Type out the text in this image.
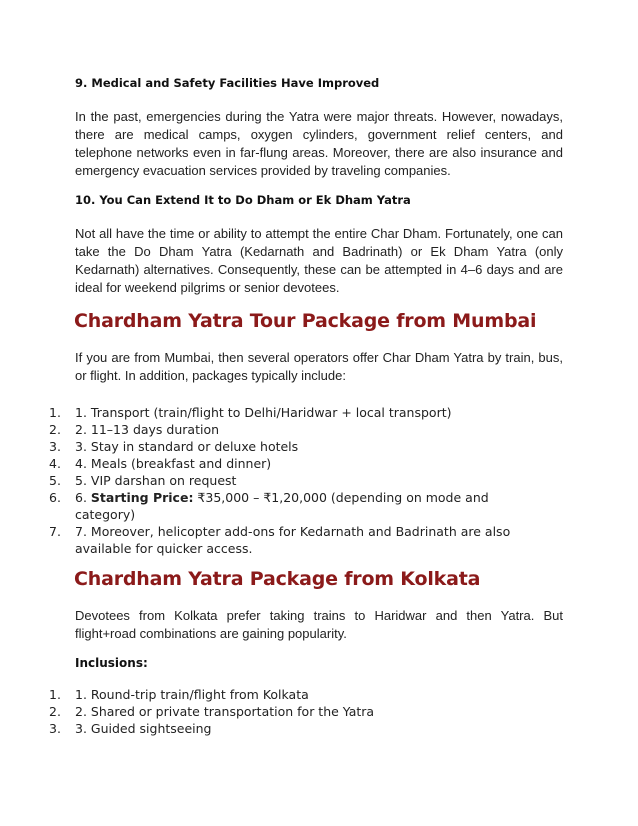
9. Medical and Safety Facilities Have Improved

In the past, emergencies during the Yatra were major threats. However, nowadays, there are medical camps, oxygen cylinders, government relief centers, and telephone networks even in far-flung areas. Moreover, there are also insurance and emergency evacuation services provided by traveling companies.

10. You Can Extend It to Do Dham or Ek Dham Yatra

Not all have the time or ability to attempt the entire Char Dham. Fortunately, one can take the Do Dham Yatra (Kedarnath and Badrinath) or Ek Dham Yatra (only Kedarnath) alternatives. Consequently, these can be attempted in 4–6 days and are ideal for weekend pilgrims or senior devotees.

Chardham Yatra Tour Package from Mumbai

If you are from Mumbai, then several operators offer Char Dham Yatra by train, bus, or flight. In addition, packages typically include:

1.	1. Transport (train/flight to Delhi/Haridwar + local transport)
2.	2. 11–13 days duration
3.	3. Stay in standard or deluxe hotels
4.	4. Meals (breakfast and dinner)
5.	5. VIP darshan on request
6.	6. Starting Price: ₹35,000 – ₹1,20,000 (depending on mode and category)
7.	7. Moreover, helicopter add-ons for Kedarnath and Badrinath are also available for quicker access.
Chardham Yatra Package from Kolkata

Devotees from Kolkata prefer taking trains to Haridwar and then Yatra. But flight+road combinations are gaining popularity.

Inclusions:
1.	1. Round-trip train/flight from Kolkata
2.	2. Shared or private transportation for the Yatra
3.	3. Guided sightseeing
